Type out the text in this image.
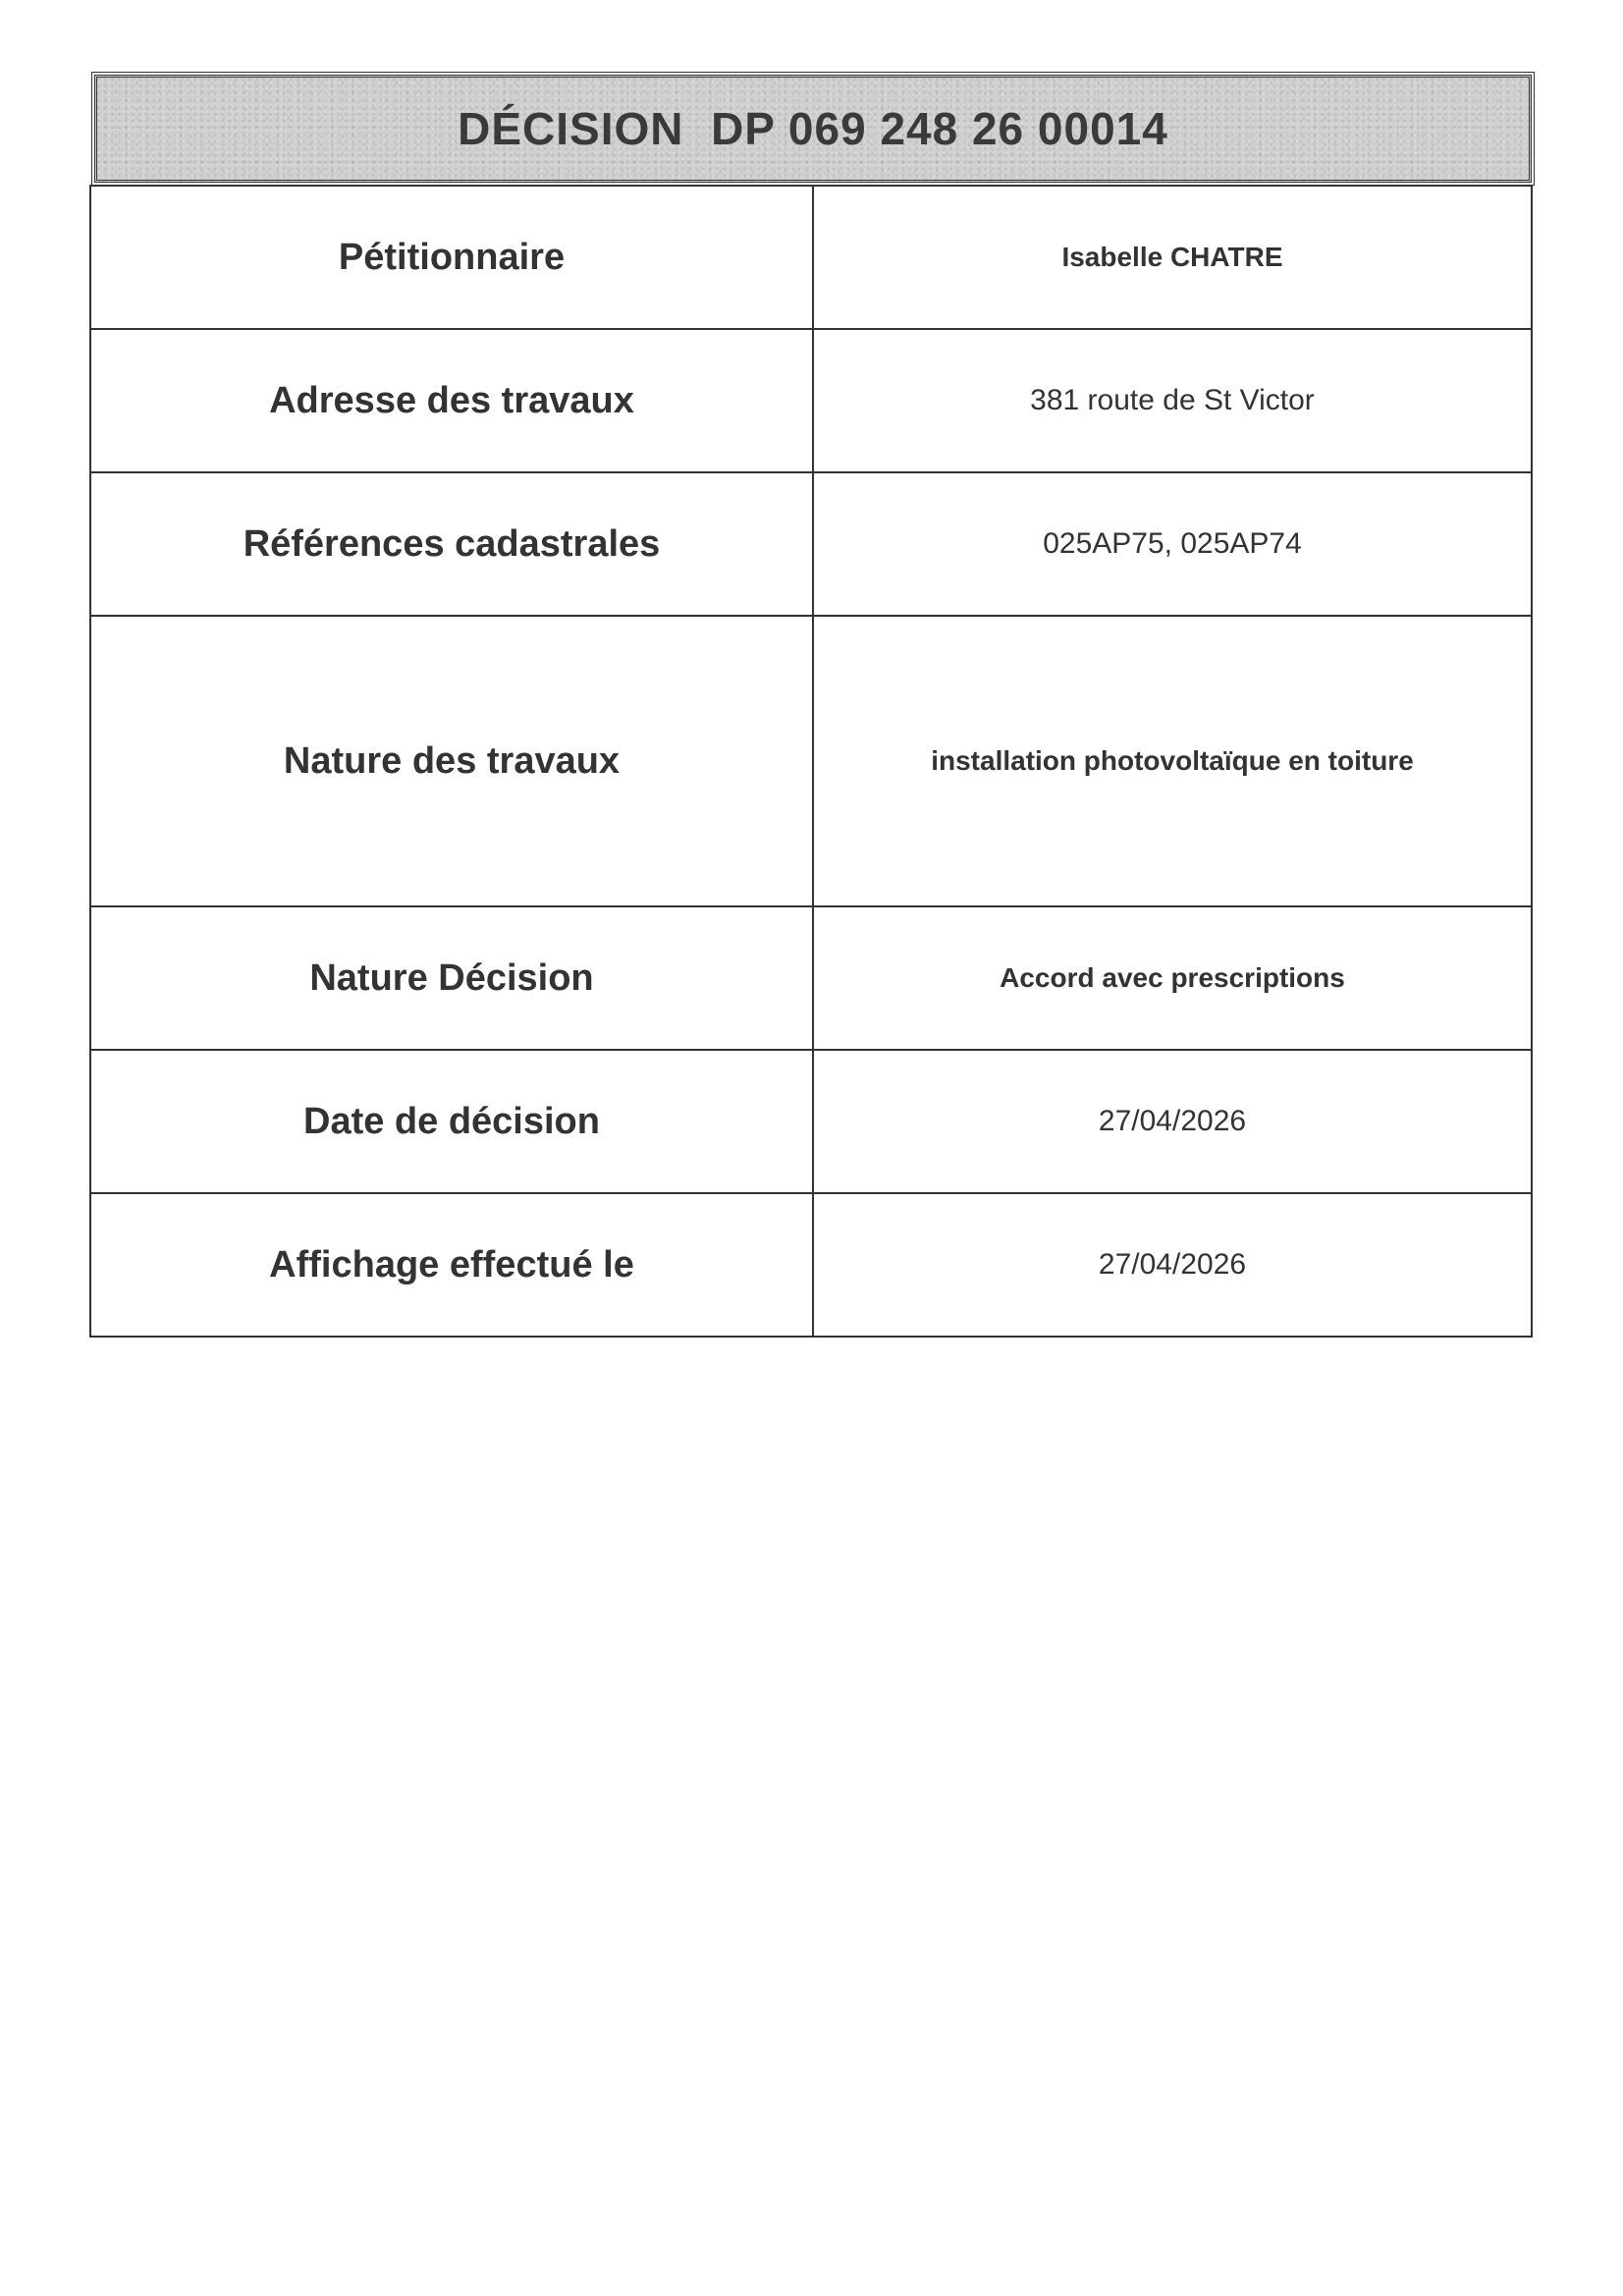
DÉCISION  DP 069 248 26 00014
Pétitionnaire	Isabelle CHATRE
Adresse des travaux	381 route de St Victor
Références cadastrales	025AP75, 025AP74
Nature des travaux	installation photovoltaïque en toiture
Nature Décision	Accord avec prescriptions
Date de décision	27/04/2026
Affichage effectué le	27/04/2026
